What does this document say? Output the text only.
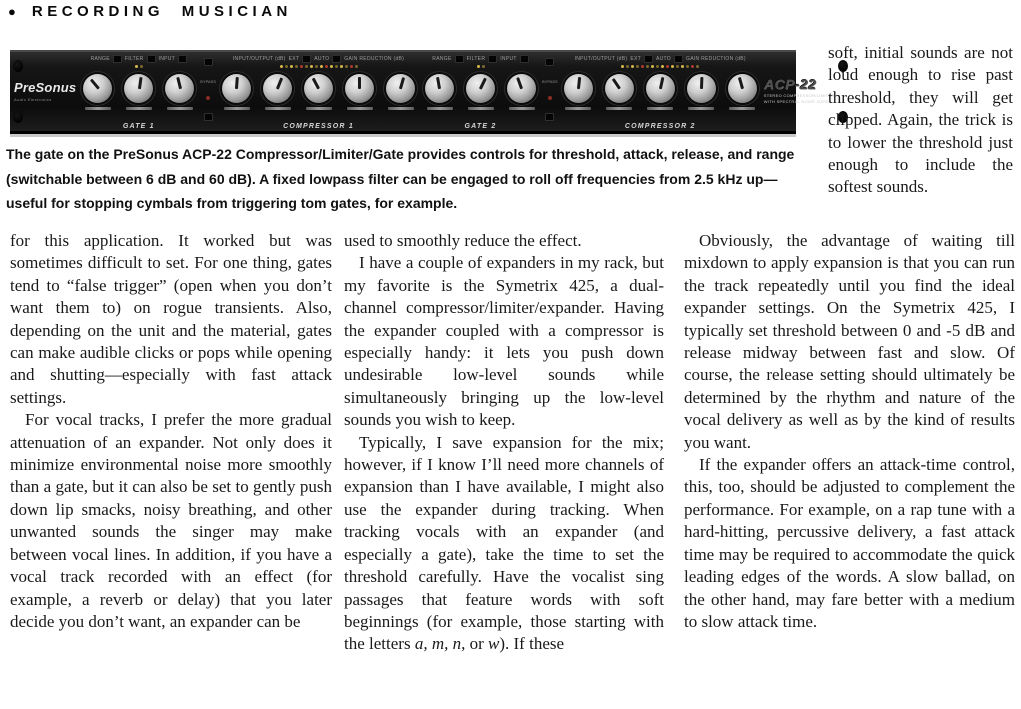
● RECORDING MUSICIAN
PreSonus
Audio Electronics
RANGE	FILTER	INPUT
GATE 1
BYPASS
INPUT/OUTPUT (dB) EXT	AUTO	GAIN REDUCTION (dB)
COMPRESSOR 1
RANGE	FILTER	INPUT
GATE 2
BYPASS
INPUT/OUTPUT (dB) EXT	AUTO	GAIN REDUCTION (dB)
COMPRESSOR 2
ACP-22
STEREO COMPRESSOR/LIMITER
WITH SPECTRAL NOISE GATES
The gate on the PreSonus ACP-22 Compressor/Limiter/Gate provides controls for threshold, attack, release, and range (switchable between 6 dB and 60 dB). A fixed lowpass filter can be engaged to roll off frequencies from 2.5 kHz up—useful for stopping cymbals from triggering tom gates, for example.

soft, initial sounds are not loud enough to rise past threshold, they will get clipped. Again, the trick is to lower the threshold just enough to include the softest sounds.

for this application. It worked but was sometimes difficult to set. For one thing, gates tend to “false trigger” (open when you don’t want them to) on rogue transients. Also, depending on the unit and the material, gates can make audible clicks or pops while opening and shutting—especially with fast attack settings.

For vocal tracks, I prefer the more gradual attenuation of an expander. Not only does it minimize environmental noise more smoothly than a gate, but it can also be set to gently push down lip smacks, noisy breathing, and other unwanted sounds the singer may make between vocal lines. In addition, if you have a vocal track recorded with an effect (for example, a reverb or delay) that you later decide you don’t want, an expander can be

used to smoothly reduce the effect.

I have a couple of expanders in my rack, but my favorite is the Symetrix 425, a dual-channel compressor/limiter/expander. Having the expander coupled with a compressor is especially handy: it lets you push down undesirable low-level sounds while simultaneously bringing up the low-level sounds you wish to keep.

Typically, I save expansion for the mix; however, if I know I’ll need more channels of expansion than I have available, I might also use the expander during tracking. When tracking vocals with an expander (and especially a gate), take the time to set the threshold carefully. Have the vocalist sing passages that feature words with soft beginnings (for example, those starting with the letters a, m, n, or w). If these

Obviously, the advantage of waiting till mixdown to apply expansion is that you can run the track repeatedly until you find the ideal expander settings. On the Symetrix 425, I typically set threshold between 0 and -5 dB and release midway between fast and slow. Of course, the release setting should ultimately be determined by the rhythm and nature of the vocal delivery as well as by the kind of results you want.

If the expander offers an attack-time control, this, too, should be adjusted to complement the performance. For example, on a rap tune with a hard-hitting, percussive delivery, a fast attack time may be required to accommodate the quick leading edges of the words. A slow ballad, on the other hand, may fare better with a medium to slow attack time.
